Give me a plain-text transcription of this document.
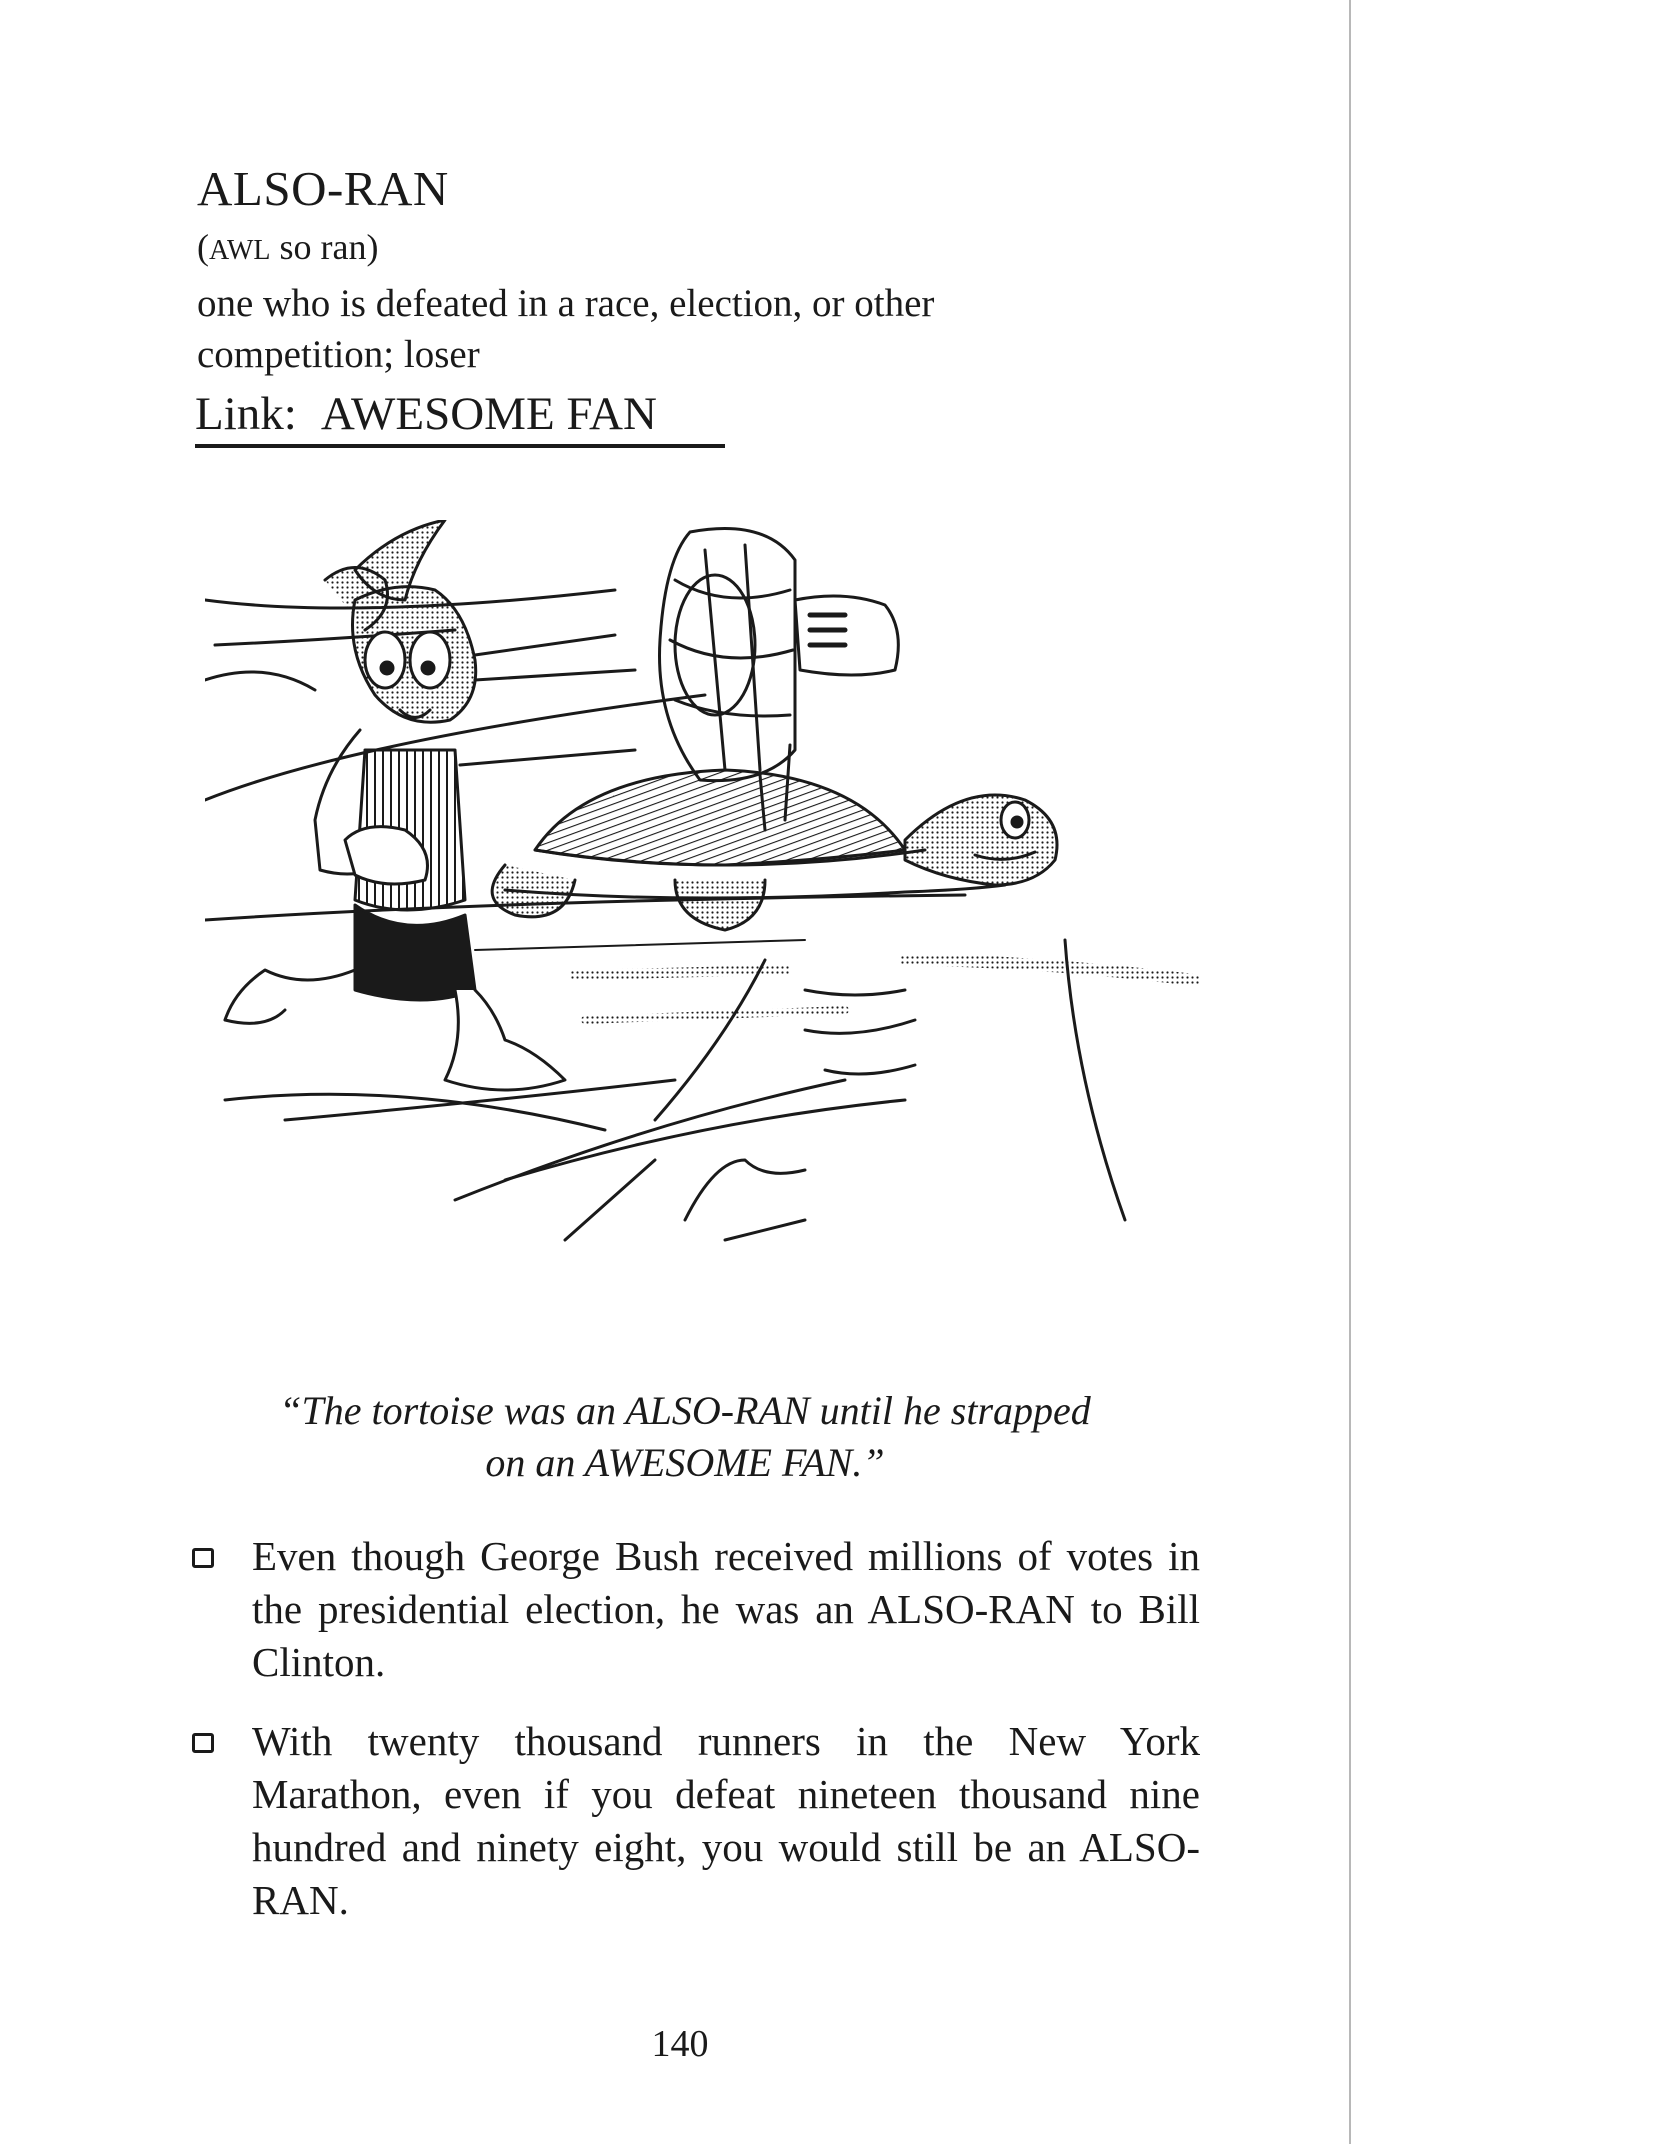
ALSO-RAN
(AWL so ran)
one who is defeated in a race, election, or other competition; loser
Link: AWESOME FAN
“The tortoise was an ALSO-RAN until he strapped on an AWESOME FAN.”
Even though George Bush received millions of votes in the presidential election, he was an ALSO-RAN to Bill Clinton.
With twenty thousand runners in the New York Marathon, even if you defeat nineteen thousand nine hundred and ninety eight, you would still be an ALSO-RAN.
140
